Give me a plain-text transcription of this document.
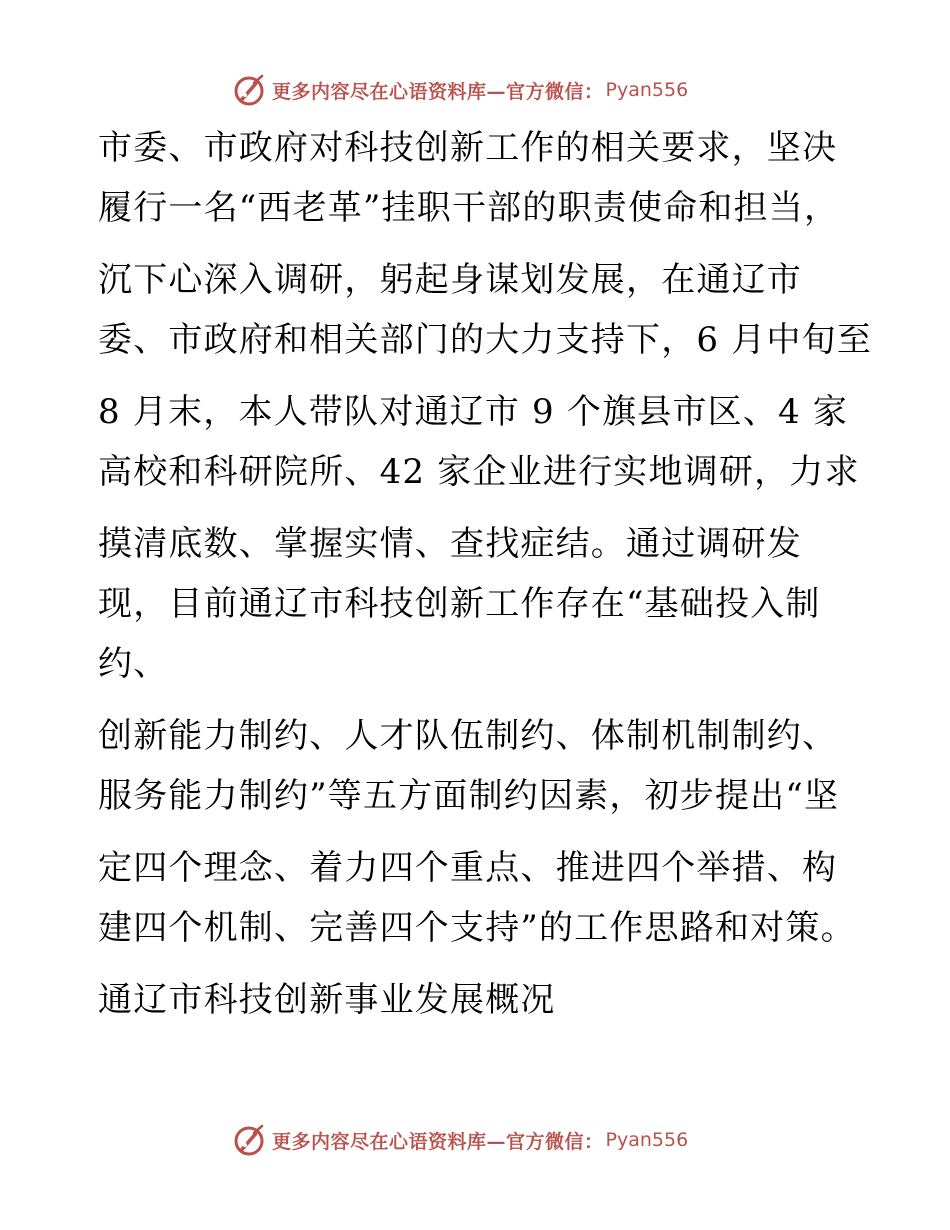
更多内容尽在心语资料库—官方微信： Pyan556
市委、市政府对科技创新工作的相关要求，坚决
履行一名“西老革”挂职干部的职责使命和担当，
沉下心深入调研，躬起身谋划发展，在通辽市
委、市政府和相关部门的大力支持下，6 月中旬至
8 月末，本人带队对通辽市 9 个旗县市区、4 家
高校和科研院所、42 家企业进行实地调研，力求
摸清底数、掌握实情、查找症结。通过调研发
现，目前通辽市科技创新工作存在“基础投入制
约、
创新能力制约、人才队伍制约、体制机制制约、
服务能力制约”等五方面制约因素，初步提出“坚
定四个理念、着力四个重点、推进四个举措、构
建四个机制、完善四个支持”的工作思路和对策。
通辽市科技创新事业发展概况
更多内容尽在心语资料库—官方微信： Pyan556
